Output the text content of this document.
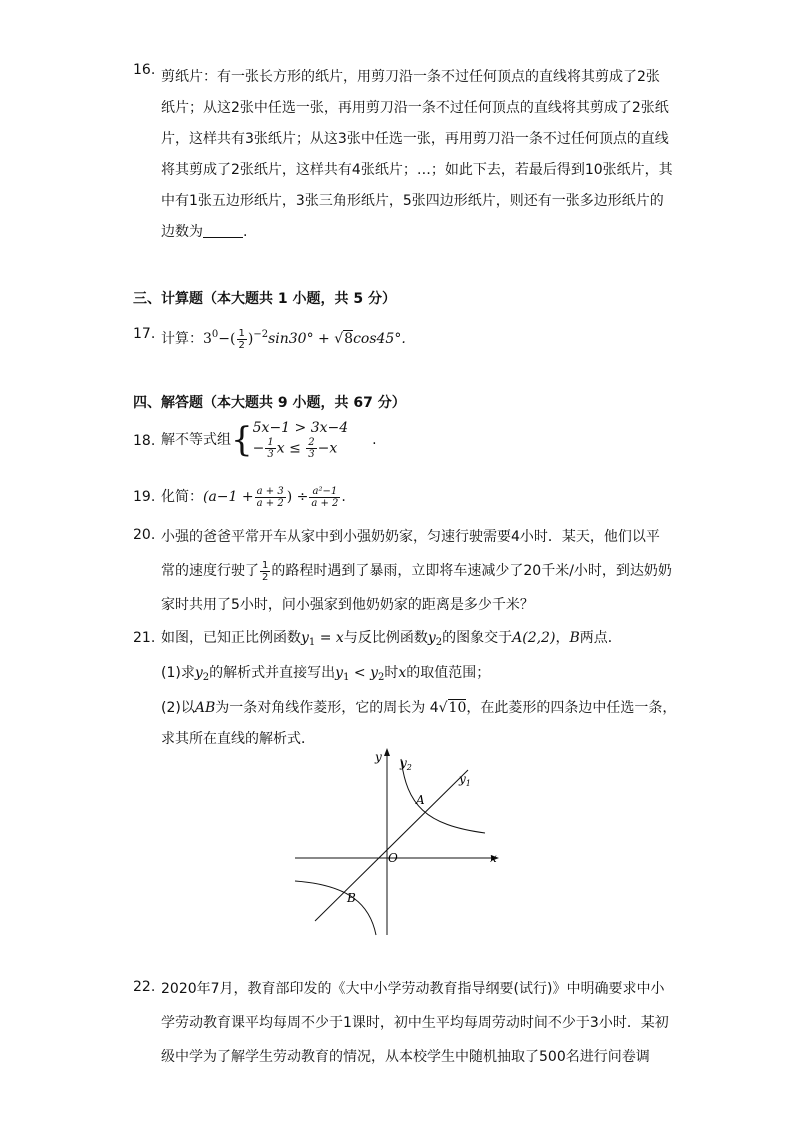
16. 剪纸片：有一张长方形的纸片，用剪刀沿一条不过任何顶点的直线将其剪成了2张
纸片；从这2张中任选一张，再用剪刀沿一条不过任何顶点的直线将其剪成了2张纸
片，这样共有3张纸片；从这3张中任选一张，再用剪刀沿一条不过任何顶点的直线
将其剪成了2张纸片，这样共有4张纸片；…；如此下去，若最后得到10张纸片，其
中有1张五边形纸片，3张三角形纸片，5张四边形纸片，则还有一张多边形纸片的
边数为	.
三、计算题（本大题共 1 小题，共 5 分）
17. 计算：$3^0-( \frac{1}{2} )^{-2}\sin 30^\circ + √8\cos 45^\circ$.
四、解答题（本大题共 9 小题，共 67 分）
18. 解不等式组{ 5x−1 > 3x−4
− $\frac{1}{3}$ $x \le \frac{2}{3} -x$
.
19. 化简：($a-1 + \frac{a + 3}{a + 2}$ ) ÷ $\frac{\text{a²−1}}{a + 2}$ .
20. 小强的爸爸平常开车从家中到小强奶奶家，匀速行驶需要4小时．某天，他们以平
常的速度行驶了 $\frac{1}{2}$ 的路程时遇到了暴雨，立即将车速减少了20千米/小时，到达奶奶
家时共用了5小时，问小强家到他奶奶家的距离是多少千米？
21. 如图，已知正比例函数$y_1 = x$与反比例函数$y_2$的图象交于A(2,2)，B两点．
(1)求$y_2$的解析式并直接写出$y_1 < y_2$时x的取值范围；
(2)以AB为一条对角线作菱形，它的周长为 4√10，在此菱形的四条边中任选一条，
求其所在直线的解析式．
y
x
O
A
B
$y_1$
$y_2$
22. 2020年7月，教育部印发的《大中小学劳动教育指导纲要(试行)》中明确要求中小
学劳动教育课平均每周不少于1课时，初中生平均每周劳动时间不少于3小时．某初
级中学为了解学生劳动教育的情况，从本校学生中随机抽取了500名进行问卷调
